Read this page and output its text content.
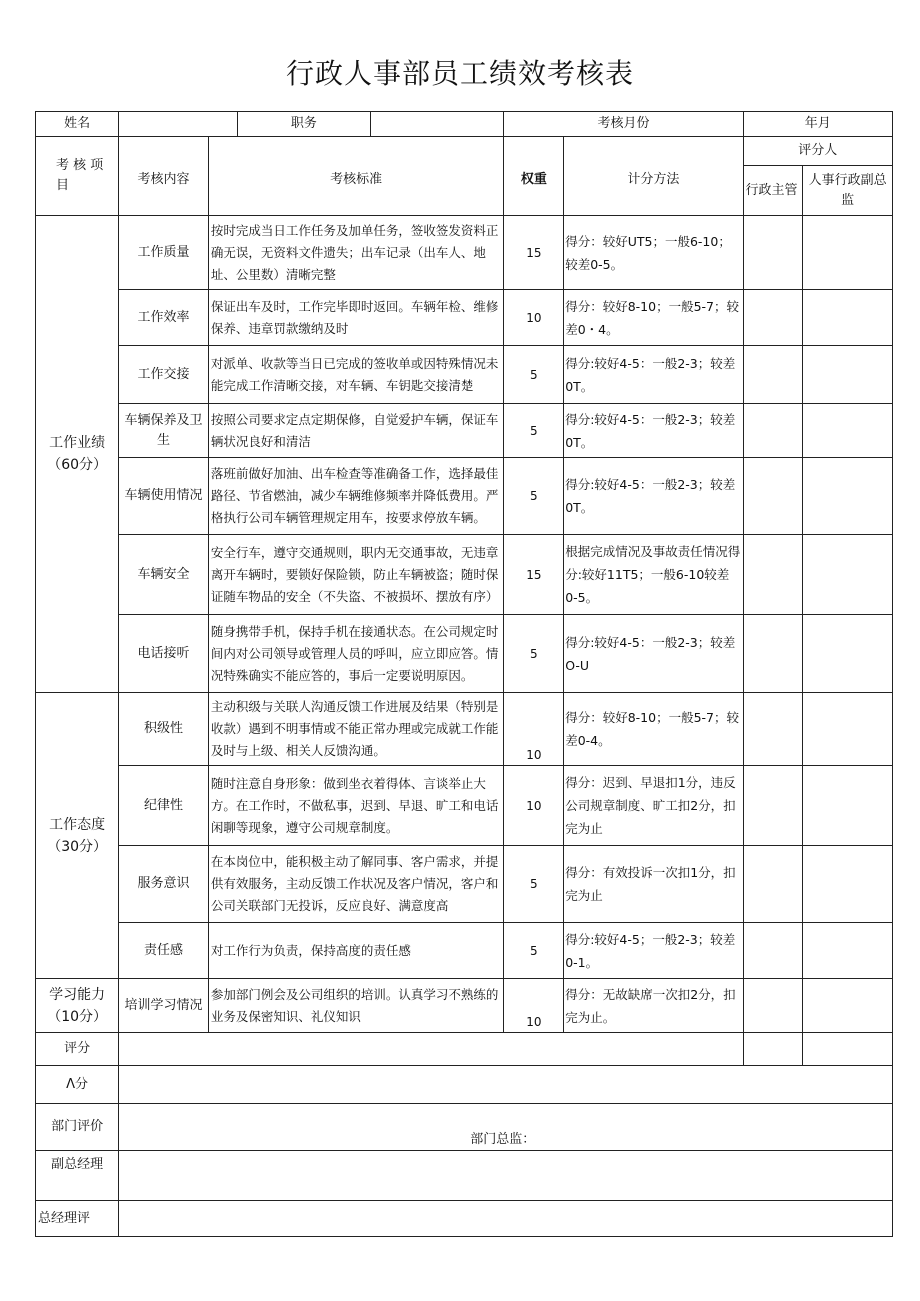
行政人事部员工绩效考核表
姓名			职务		考核月份		年月	
考 核 项 目	考核内容	考核标准			权重	计分方法	评分人	
							行政主管	人事行政副总监
工作业绩（60分）	工作质量	按时完成当日工作任务及加单任务，签收签发资料正确无误，无资料文件遗失；出车记录（出车人、地址、公里数）清晰完整			15	得分：较好UT5；一般6-10；较差0-5。		
	工作效率	保证出车及时，工作完毕即时返回。车辆年检、维修保养、违章罚款缴纳及时			10	得分：较好8-10；一般5-7；较差0・4。		
	工作交接	对派单、收款等当日已完成的签收单或因特殊情况未能完成工作清晰交接，对车辆、车钥匙交接清楚			5	得分:较好4-5：一般2-3；较差0T。		
	车辆保养及卫生	按照公司要求定点定期保修，自觉爱护车辆，保证车辆状况良好和清洁			5	得分:较好4-5：一般2-3；较差0T。		
	车辆使用情况	落班前做好加油、出车检查等准确备工作，选择最佳路径、节省燃油，减少车辆维修频率并降低费用。严格执行公司车辆管理规定用车，按要求停放车辆。			5	得分:较好4-5：一般2-3；较差0T。		
	车辆安全	安全行车，遵守交通规则，职内无交通事故，无违章离开车辆时，要锁好保险锁，防止车辆被盗；随时保证随车物品的安全（不失盗、不被损坏、摆放有序）			15	根据完成情况及事故责任情况得分:较好11T5；一般6-10较差0-5。		
	电话接听	随身携带手机，保持手机在接通状态。在公司规定时间内对公司领导或管理人员的呼叫，应立即应答。情况特殊确实不能应答的，事后一定要说明原因。			5	得分:较好4-5：一般2-3；较差O-U		
工作态度（30分）	积级性	主动积级与关联人沟通反馈工作进展及结果（特别是收款）遇到不明事情或不能正常办理或完成就工作能及时与上级、相关人反馈沟通。			10	得分：较好8-10；一般5-7；较差0-4。		
	纪律性	随时注意自身形象：做到坐衣着得体、言谈举止大方。在工作时，不做私事，迟到、早退、旷工和电话闲聊等现象，遵守公司规章制度。			10	得分：迟到、早退扣1分，违反公司规章制度、旷工扣2分，扣完为止		
	服务意识	在本岗位中，能积极主动了解同事、客户需求，并提供有效服务，主动反馈工作状况及客户情况，客户和公司关联部门无投诉，反应良好、满意度高			5	得分：有效投诉一次扣1分，扣完为止		
	责任感	对工作行为负责，保持高度的责任感			5	得分:较好4-5；一般2-3；较差0-1。		
学习能力（10分）	培训学习情况	参加部门例会及公司组织的培训。认真学习不熟练的业务及保密知识、礼仪知识			10	得分：无故缺席一次扣2分，扣完为止。		
评分								
Λ分								
部门评价	部门总监：							
副总经理								
总经理评								
